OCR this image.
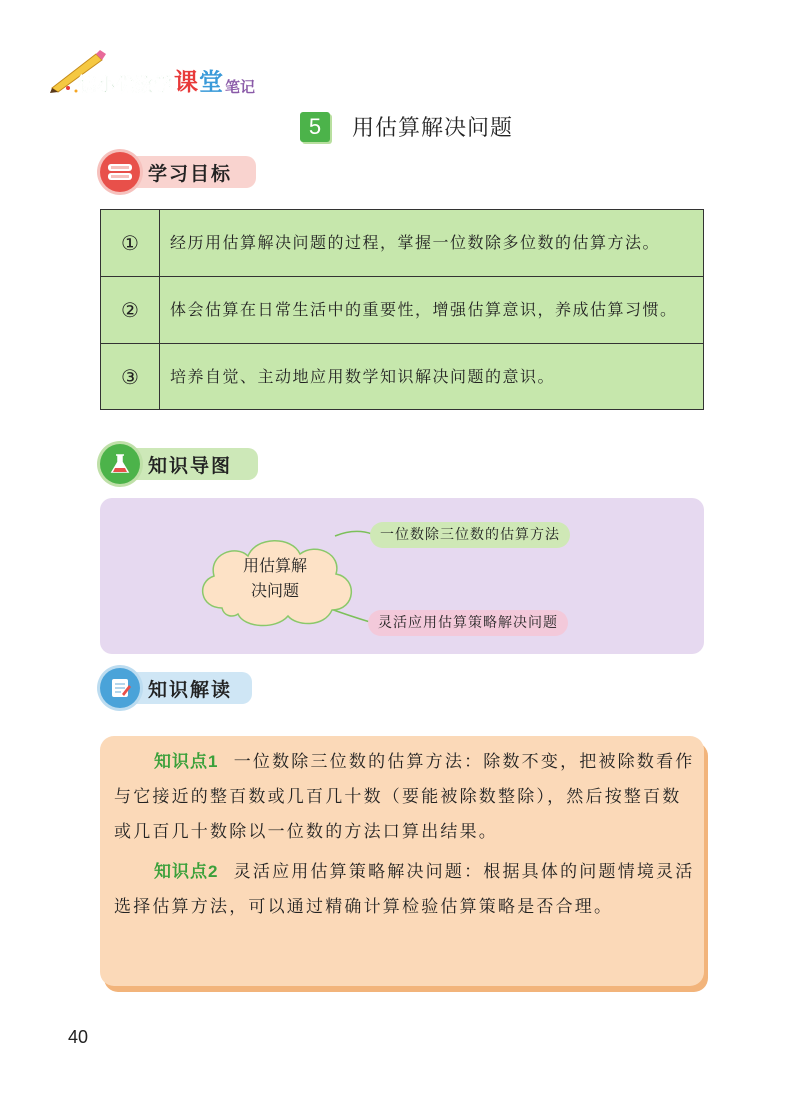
德小优数学 课 堂 笔记
5	用估算解决问题
学习目标
①	经历用估算解决问题的过程，掌握一位数除多位数的估算方法。
②	体会估算在日常生活中的重要性，增强估算意识，养成估算习惯。
③	培养自觉、主动地应用数学知识解决问题的意识。
知识导图
用估算解
决问题
一位数除三位数的估算方法
灵活应用估算策略解决问题
知识解读

知识点1 一位数除三位数的估算方法：除数不变，把被除数看作与它接近的整百数或几百几十数（要能被除数整除），然后按整百数或几百几十数除以一位数的方法口算出结果。

知识点2 灵活应用估算策略解决问题：根据具体的问题情境灵活选择估算方法，可以通过精确计算检验估算策略是否合理。

40
